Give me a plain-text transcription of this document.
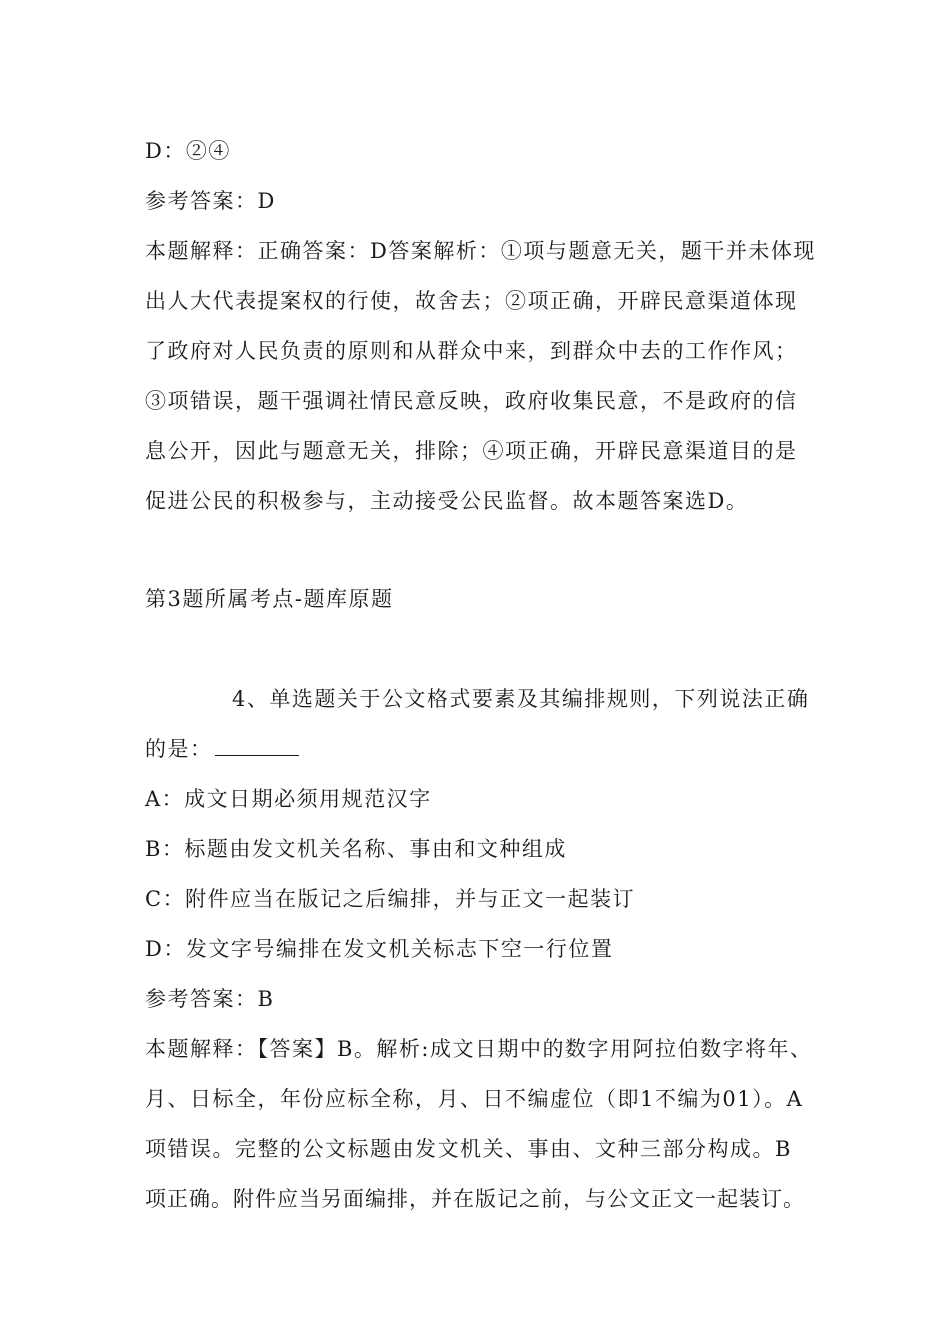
D：②④
参考答案：D
本题解释：正确答案：D答案解析：①项与题意无关，题干并未体现
出人大代表提案权的行使，故舍去；②项正确，开辟民意渠道体现
了政府对人民负责的原则和从群众中来，到群众中去的工作作风；
③项错误，题干强调社情民意反映，政府收集民意，不是政府的信
息公开，因此与题意无关，排除；④项正确，开辟民意渠道目的是
促进公民的积极参与，主动接受公民监督。故本题答案选D。
第3题所属考点-题库原题
4、单选题关于公文格式要素及其编排规则，下列说法正确
的是：
A：成文日期必须用规范汉字
B：标题由发文机关名称、事由和文种组成
C：附件应当在版记之后编排，并与正文一起装订
D：发文字号编排在发文机关标志下空一行位置
参考答案：B
本题解释：【答案】B。解析:成文日期中的数字用阿拉伯数字将年、
月、日标全，年份应标全称，月、日不编虚位（即1不编为01）。A
项错误。完整的公文标题由发文机关、事由、文种三部分构成。B
项正确。附件应当另面编排，并在版记之前，与公文正文一起装订。
